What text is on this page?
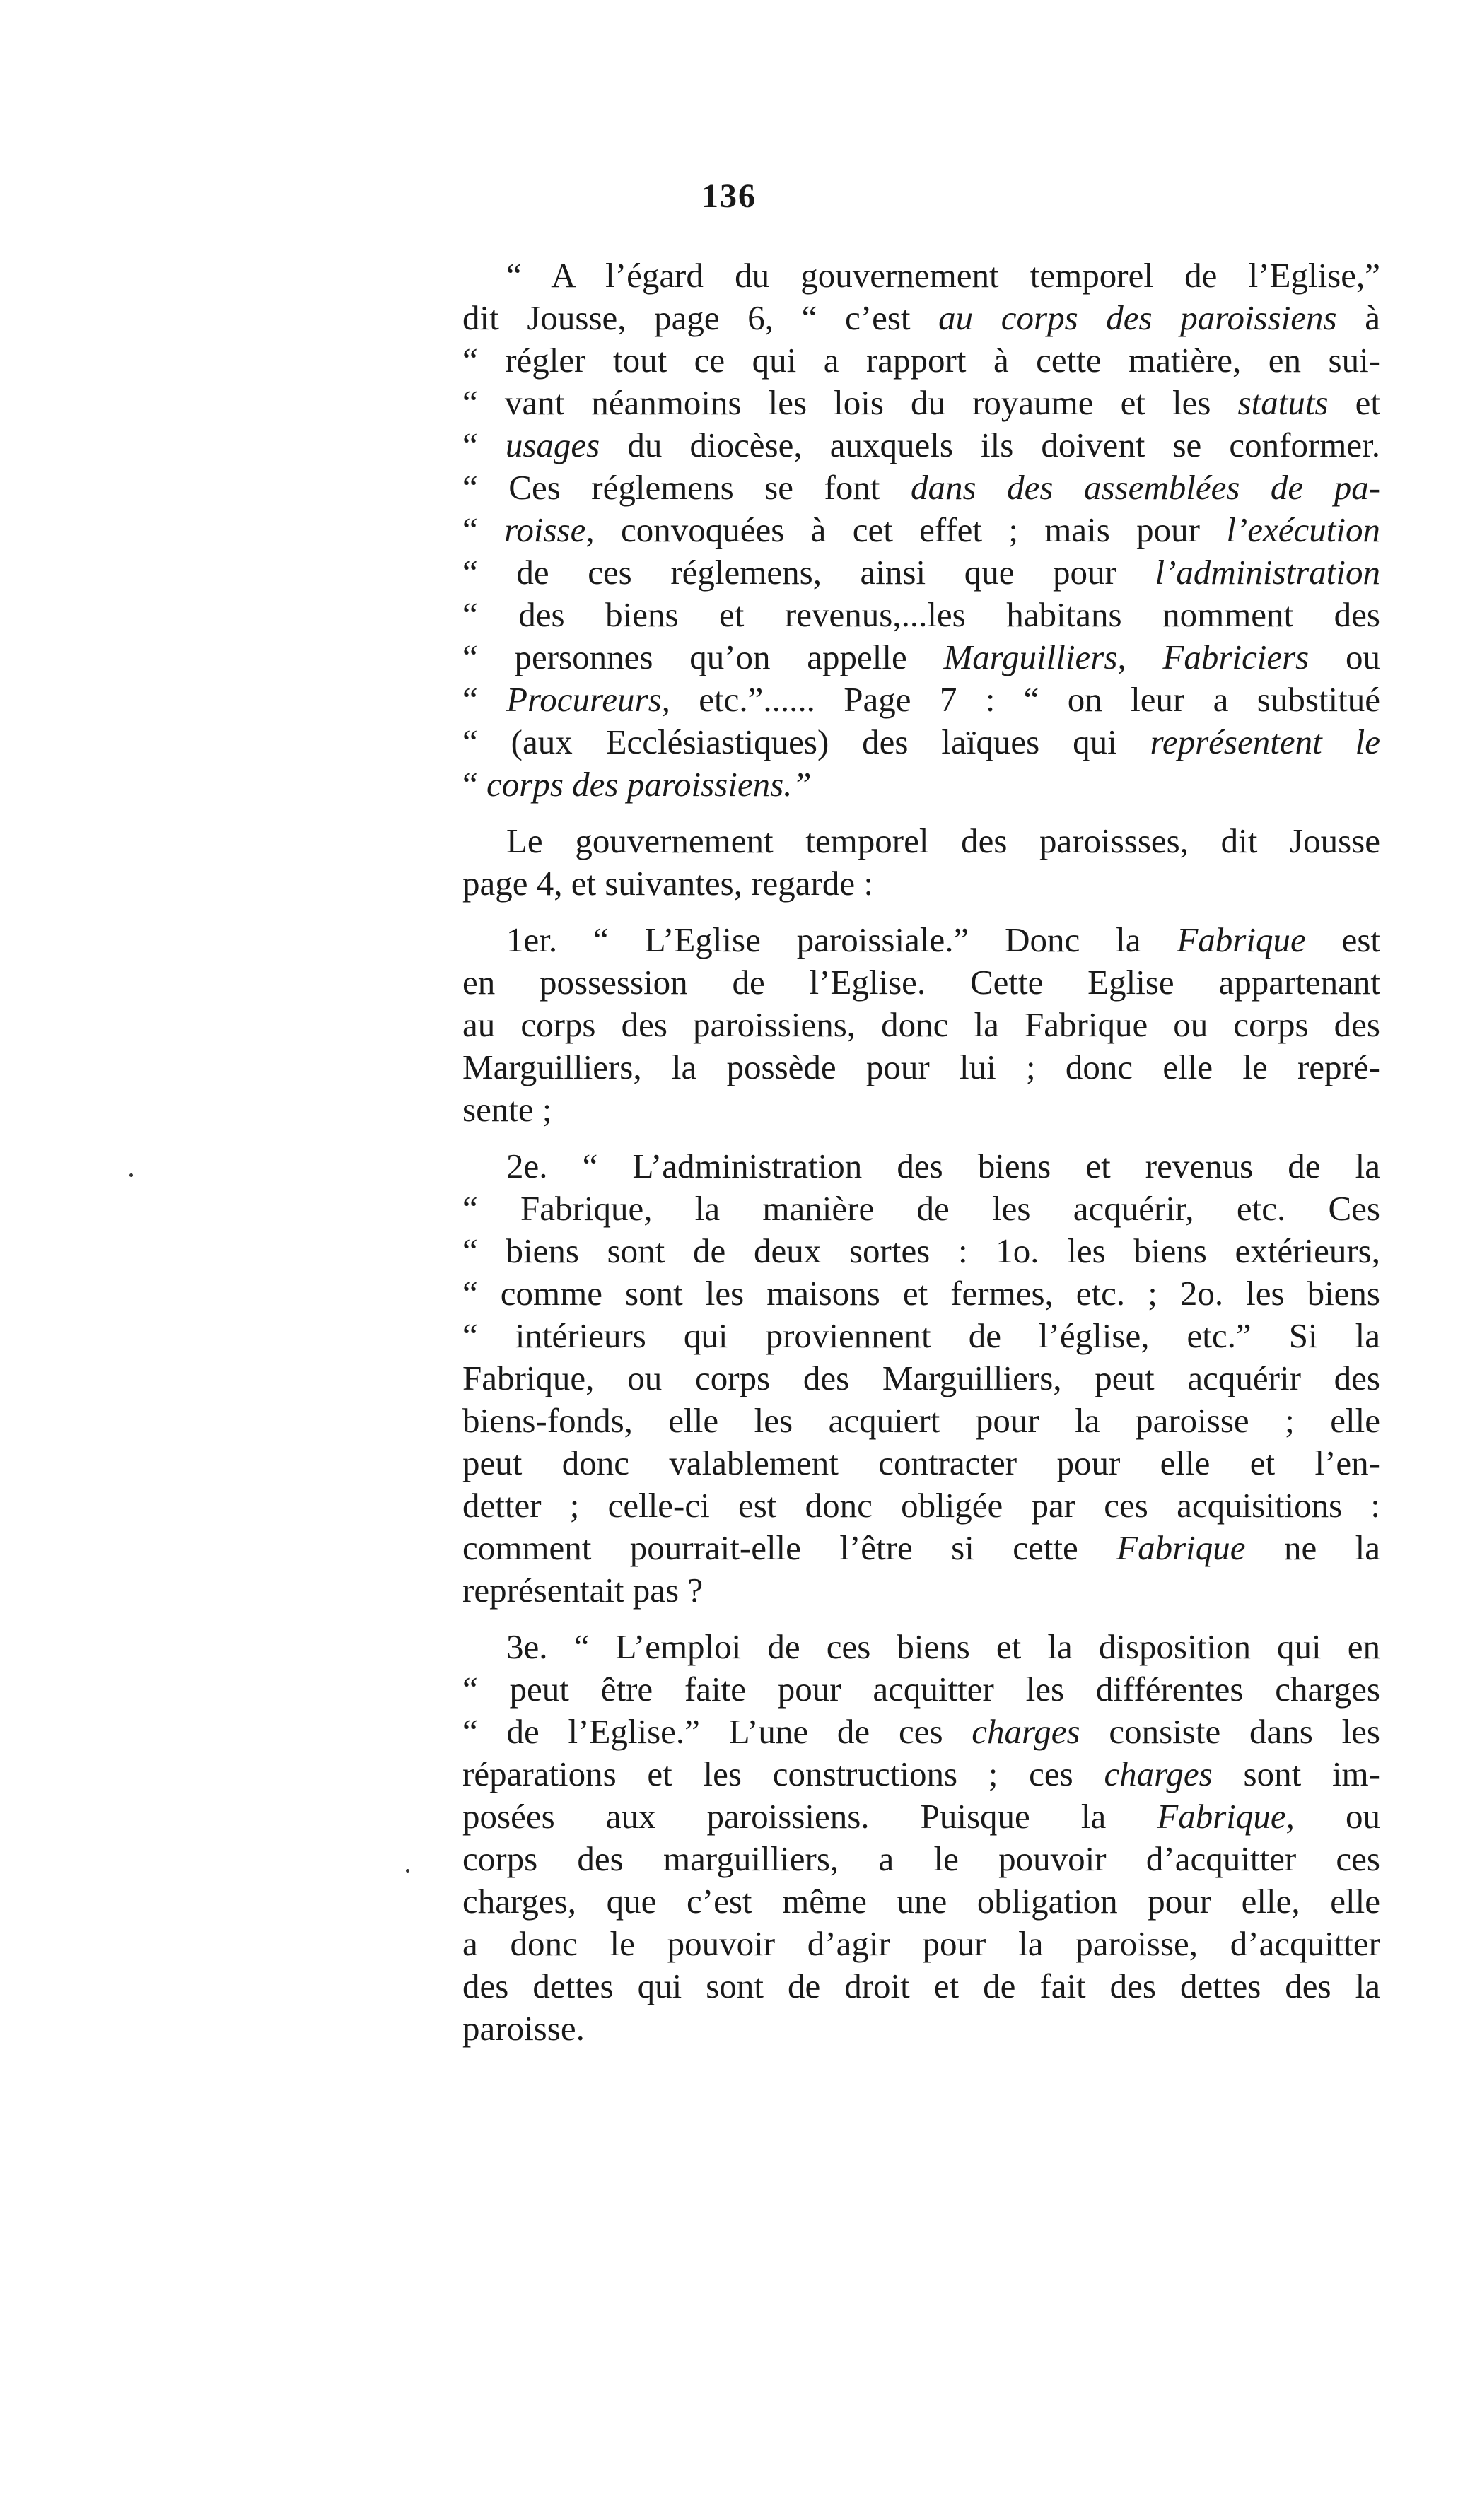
136
“ A l’égard du gouvernement temporel de l’Eglise,”
dit Jousse, page 6, “ c’est au corps des paroissiens à
“ régler tout ce qui a rapport à cette matière, en sui-
“ vant néanmoins les lois du royaume et les statuts et
“ usages du diocèse, auxquels ils doivent se conformer.
“ Ces réglemens se font dans des assemblées de pa-
“ roisse, convoquées à cet effet ; mais pour l’exécution
“ de ces réglemens, ainsi que pour l’administration
“ des biens et revenus,...les habitans nomment des
“ personnes qu’on appelle Marguilliers, Fabriciers ou
“ Procureurs, etc.”...... Page 7 : “ on leur a substitué
“ (aux Ecclésiastiques) des laïques qui représentent le
“ corps des paroissiens.”
Le gouvernement temporel des paroissses, dit Jousse
page 4, et suivantes, regarde :
1er. “ L’Eglise paroissiale.” Donc la Fabrique est
en possession de l’Eglise. Cette Eglise appartenant
au corps des paroissiens, donc la Fabrique ou corps des
Marguilliers, la possède pour lui ; donc elle le repré-
sente ;
2e. “ L’administration des biens et revenus de la
“ Fabrique, la manière de les acquérir, etc. Ces
“ biens sont de deux sortes : 1o. les biens extérieurs,
“ comme sont les maisons et fermes, etc. ; 2o. les biens
“ intérieurs qui proviennent de l’église, etc.” Si la
Fabrique, ou corps des Marguilliers, peut acquérir des
biens-fonds, elle les acquiert pour la paroisse ; elle
peut donc valablement contracter pour elle et l’en-
detter ; celle-ci est donc obligée par ces acquisitions :
comment pourrait-elle l’être si cette Fabrique ne la
représentait pas ?
3e. “ L’emploi de ces biens et la disposition qui en
“ peut être faite pour acquitter les différentes charges
“ de l’Eglise.” L’une de ces charges consiste dans les
réparations et les constructions ; ces charges sont im-
posées aux paroissiens. Puisque la Fabrique, ou
corps des marguilliers, a le pouvoir d’acquitter ces
charges, que c’est même une obligation pour elle, elle
a donc le pouvoir d’agir pour la paroisse, d’acquitter
des dettes qui sont de droit et de fait des dettes des la
paroisse.
